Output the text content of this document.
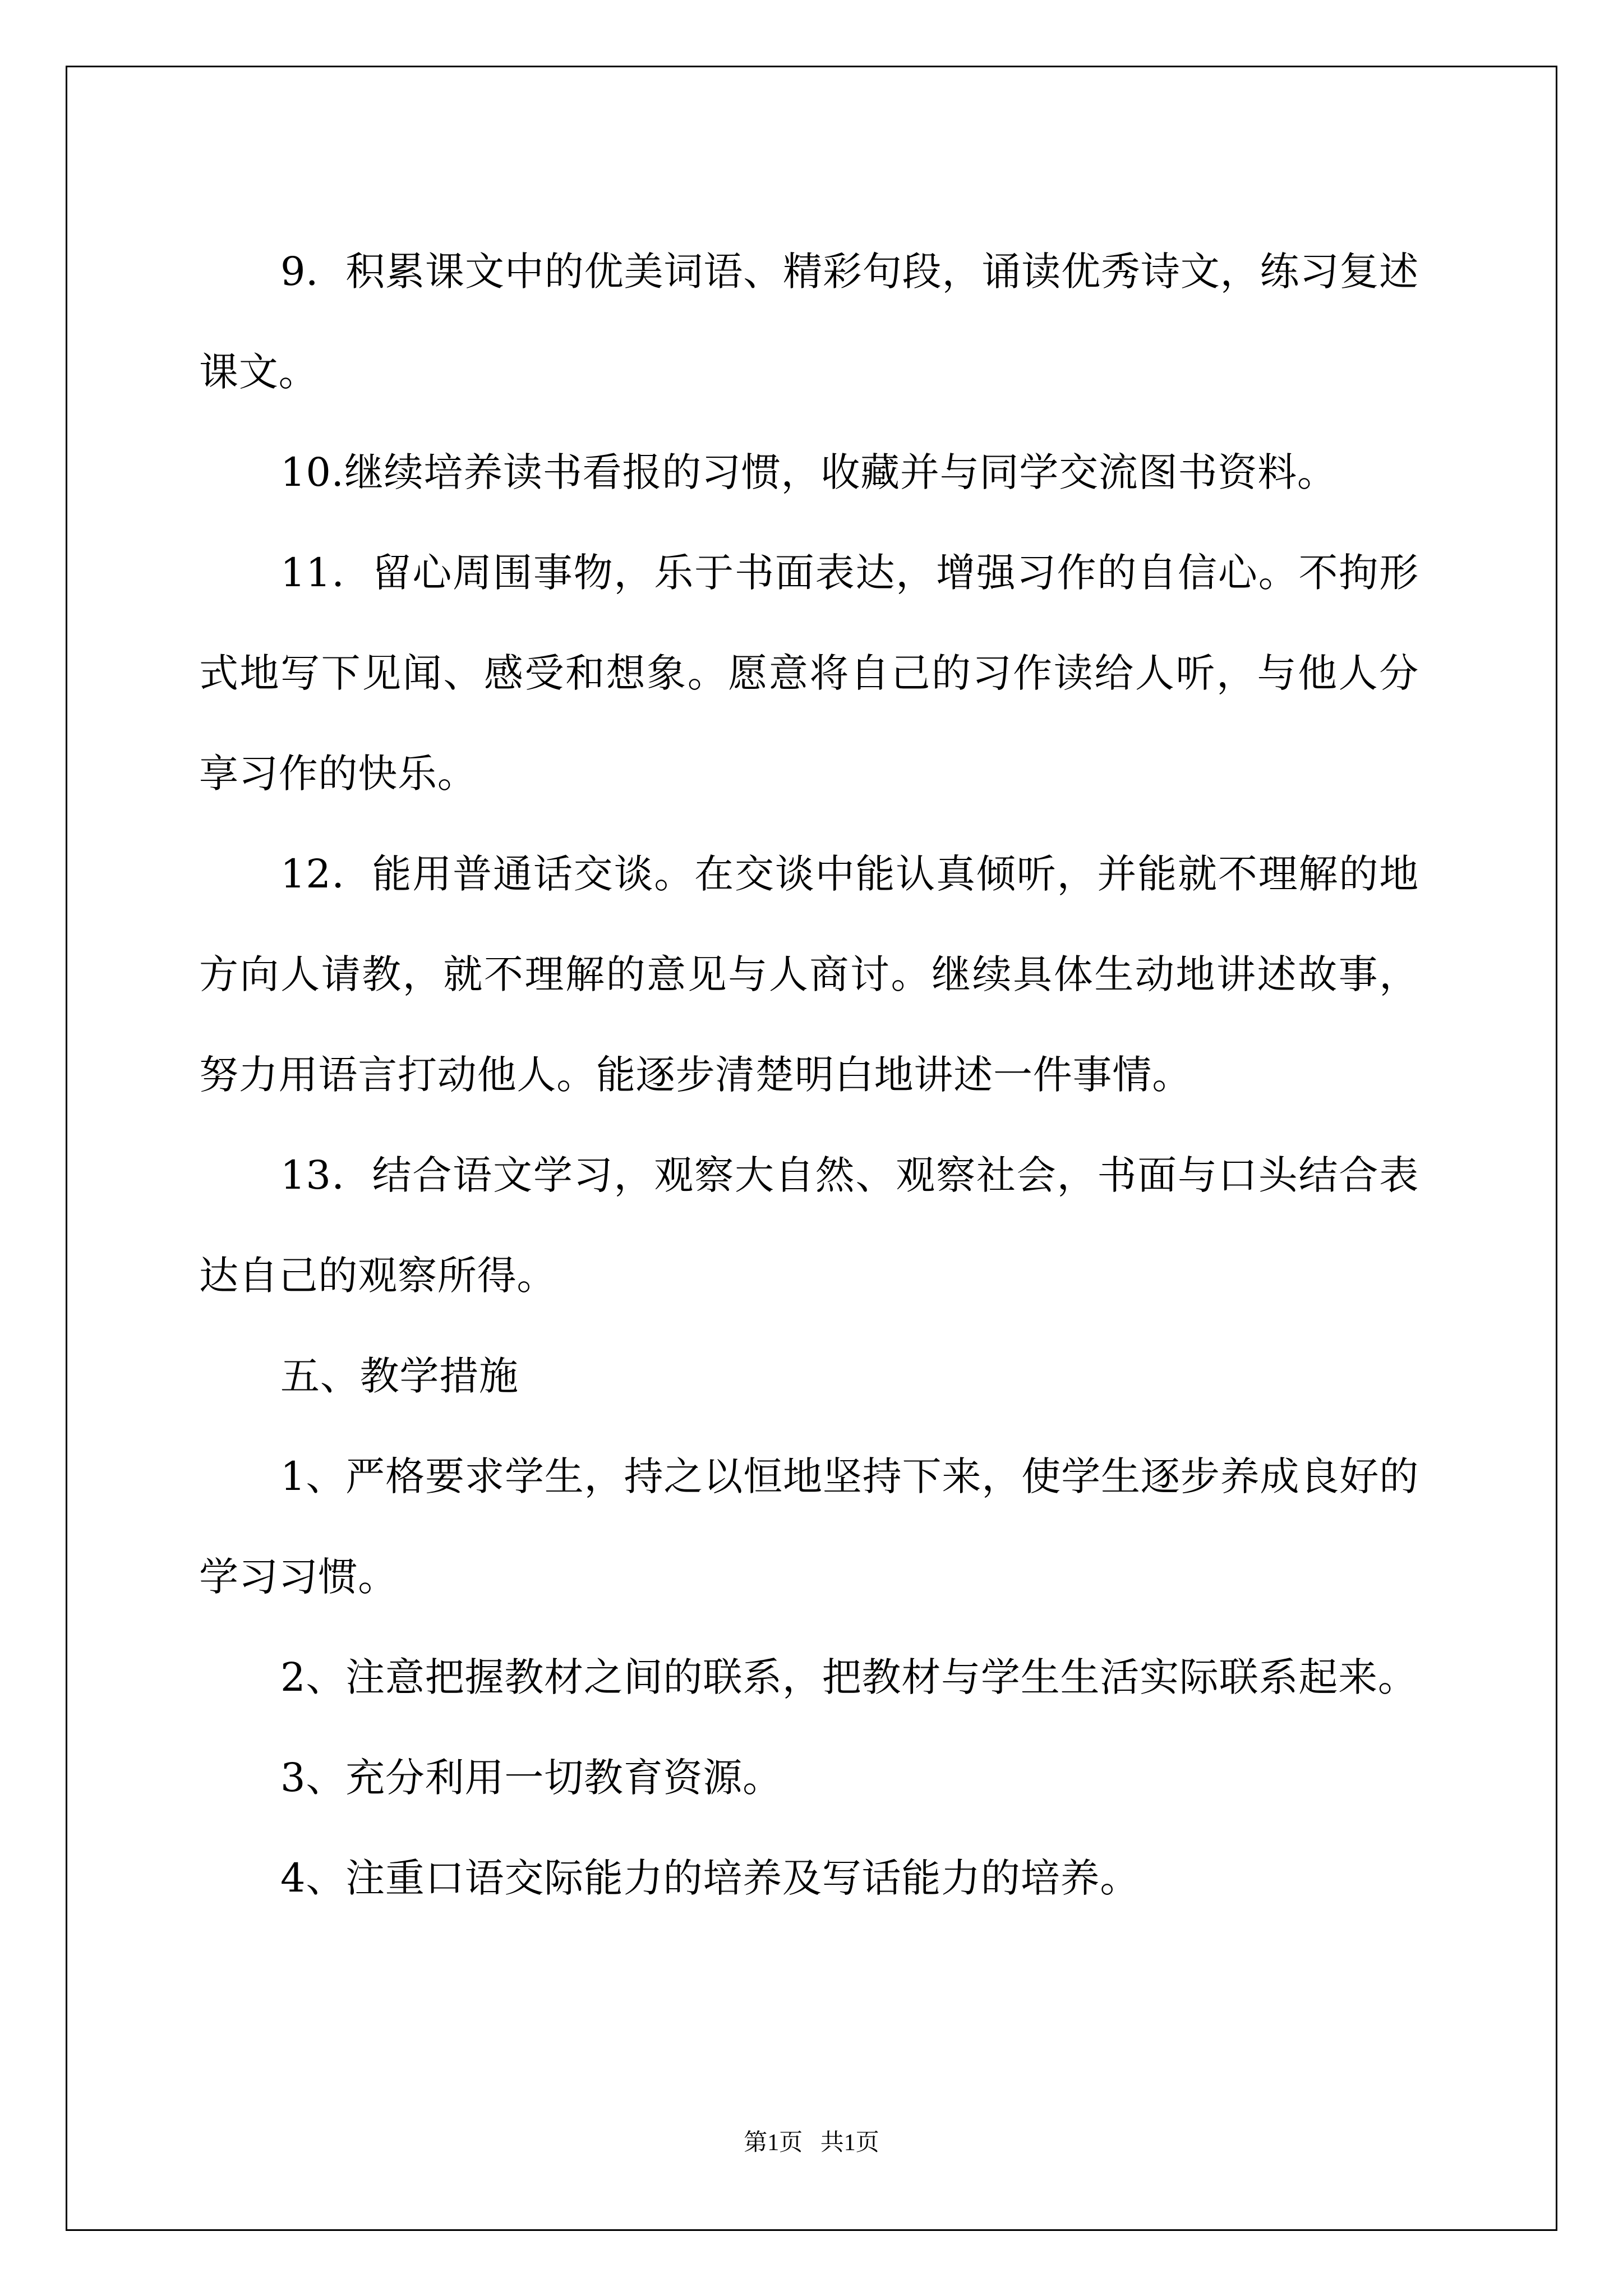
9．积累课文中的优美词语、精彩句段，诵读优秀诗文，练习复述课文。

10.继续培养读书看报的习惯，收藏并与同学交流图书资料。

11．留心周围事物，乐于书面表达，增强习作的自信心。不拘形式地写下见闻、感受和想象。愿意将自己的习作读给人听，与他人分享习作的快乐。

12．能用普通话交谈。在交谈中能认真倾听，并能就不理解的地方向人请教，就不理解的意见与人商讨。继续具体生动地讲述故事，努力用语言打动他人。能逐步清楚明白地讲述一件事情。

13．结合语文学习，观察大自然、观察社会，书面与口头结合表达自己的观察所得。

五、教学措施

1、严格要求学生，持之以恒地坚持下来，使学生逐步养成良好的学习习惯。

2、注意把握教材之间的联系，把教材与学生生活实际联系起来。

3、充分利用一切教育资源。

4、注重口语交际能力的培养及写话能力的培养。

第1页   共1页
